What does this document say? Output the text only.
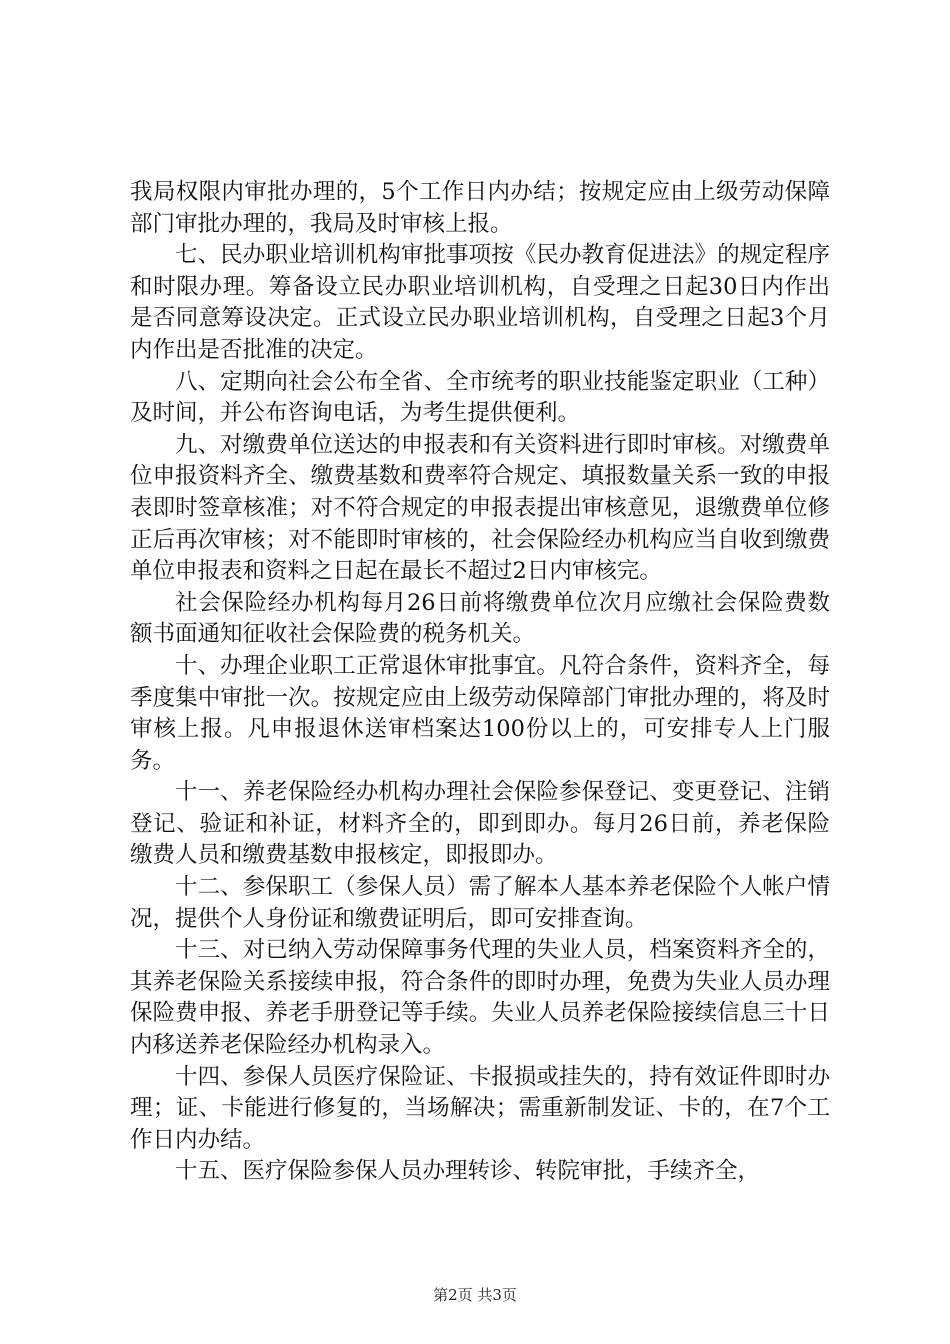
我局权限内审批办理的，5个工作日内办结；按规定应由上级劳动保障部门审批办理的，我局及时审核上报。

七、民办职业培训机构审批事项按《民办教育促进法》的规定程序和时限办理。筹备设立民办职业培训机构，自受理之日起30日内作出是否同意筹设决定。正式设立民办职业培训机构，自受理之日起3个月内作出是否批准的决定。

八、定期向社会公布全省、全市统考的职业技能鉴定职业（工种）及时间，并公布咨询电话，为考生提供便利。

九、对缴费单位送达的申报表和有关资料进行即时审核。对缴费单位申报资料齐全、缴费基数和费率符合规定、填报数量关系一致的申报表即时签章核准；对不符合规定的申报表提出审核意见，退缴费单位修正后再次审核；对不能即时审核的，社会保险经办机构应当自收到缴费单位申报表和资料之日起在最长不超过2日内审核完。

社会保险经办机构每月26日前将缴费单位次月应缴社会保险费数额书面通知征收社会保险费的税务机关。

十、办理企业职工正常退休审批事宜。凡符合条件，资料齐全，每季度集中审批一次。按规定应由上级劳动保障部门审批办理的，将及时审核上报。凡申报退休送审档案达100份以上的，可安排专人上门服务。

十一、养老保险经办机构办理社会保险参保登记、变更登记、注销登记、验证和补证，材料齐全的，即到即办。每月26日前，养老保险缴费人员和缴费基数申报核定，即报即办。

十二、参保职工（参保人员）需了解本人基本养老保险个人帐户情况，提供个人身份证和缴费证明后，即可安排查询。

十三、对已纳入劳动保障事务代理的失业人员，档案资料齐全的，其养老保险关系接续申报，符合条件的即时办理，免费为失业人员办理保险费申报、养老手册登记等手续。失业人员养老保险接续信息三十日内移送养老保险经办机构录入。

十四、参保人员医疗保险证、卡报损或挂失的，持有效证件即时办理；证、卡能进行修复的，当场解决；需重新制发证、卡的，在7个工作日内办结。

十五、医疗保险参保人员办理转诊、转院审批，手续齐全，

第2页 共3页
